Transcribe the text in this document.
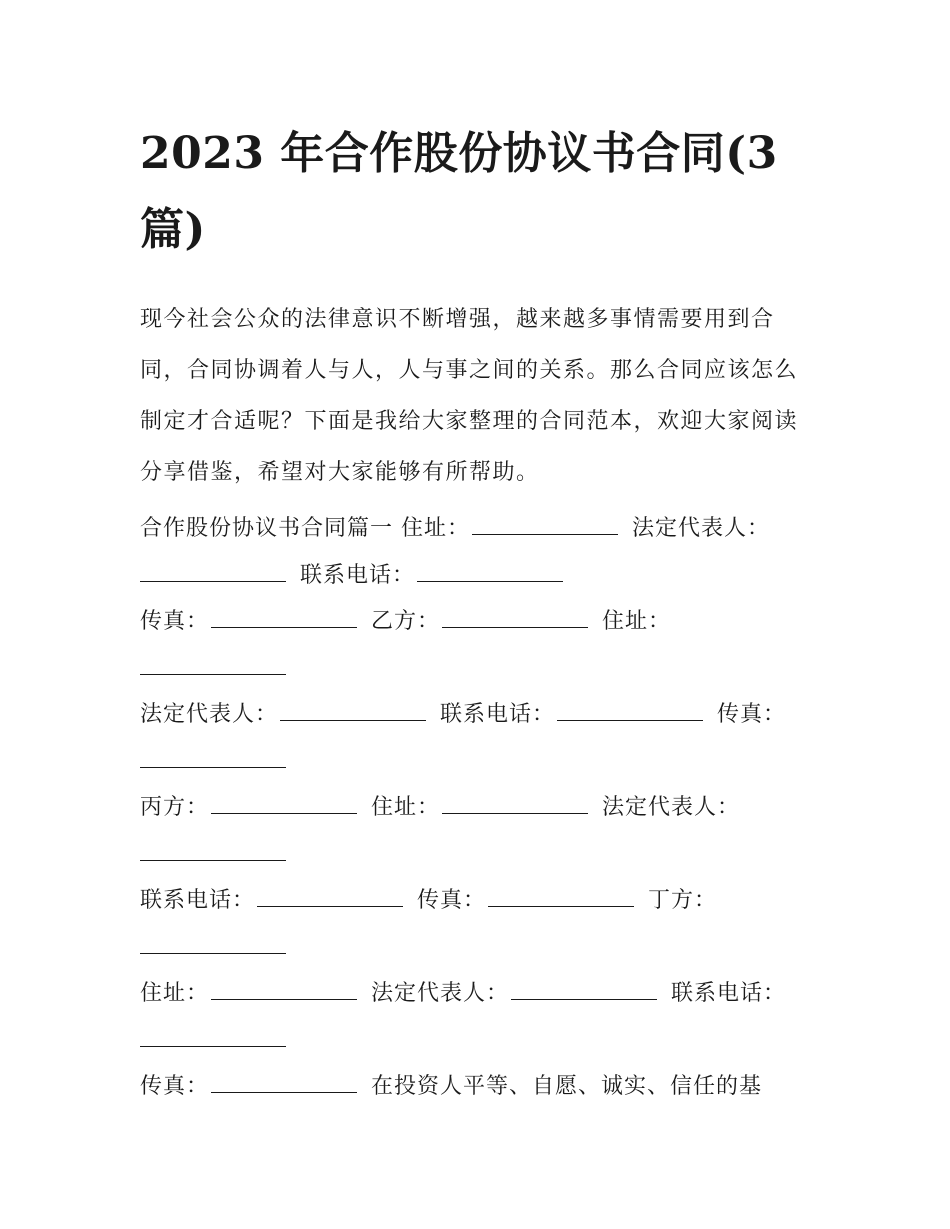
2023 年合作股份协议书合同(3 篇)

现今社会公众的法律意识不断增强，越来越多事情需要用到合同，合同协调着人与人，人与事之间的关系。那么合同应该怎么制定才合适呢？下面是我给大家整理的合同范本，欢迎大家阅读分享借鉴，希望对大家能够有所帮助。

合作股份协议书合同篇一 住址：	法定代表人：
联系电话：
传真：	乙方：	住址：
法定代表人：	联系电话：	传真：
丙方：	住址：	法定代表人：
联系电话：	传真：	丁方：
住址：	法定代表人：	联系电话：
传真：	在投资人平等、自愿、诚实、信任的基
